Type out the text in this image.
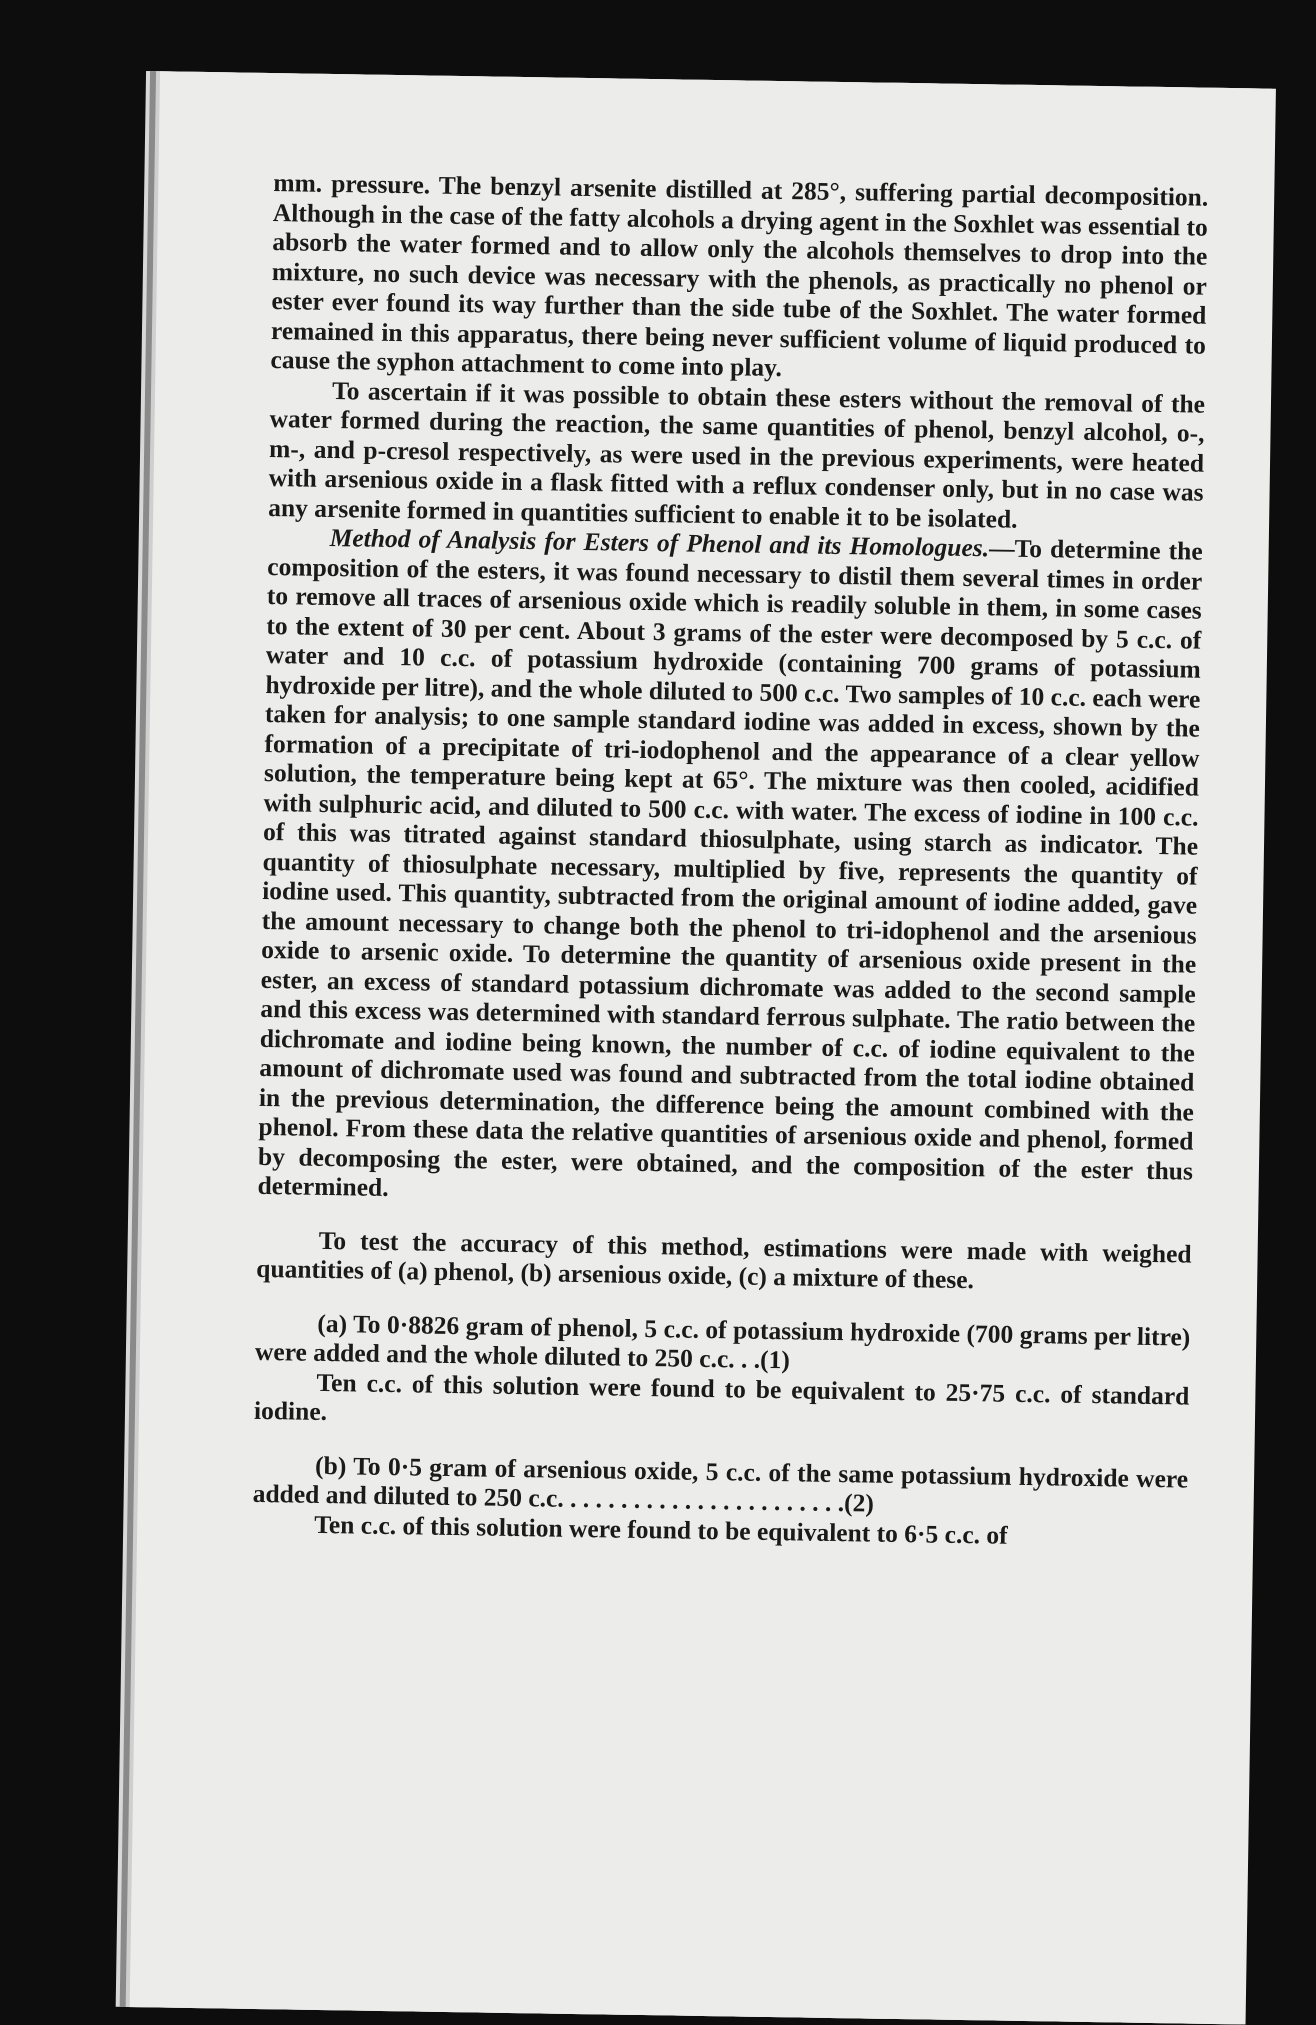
mm. pressure. The benzyl arsenite distilled at 285°, suffering partial decomposition. Although in the case of the fatty alcohols a drying agent in the Soxhlet was essential to absorb the water formed and to allow only the alcohols themselves to drop into the mixture, no such device was necessary with the phenols, as practically no phenol or ester ever found its way further than the side tube of the Soxhlet. The water formed remained in this apparatus, there being never sufficient volume of liquid produced to cause the syphon attachment to come into play.

To ascertain if it was possible to obtain these esters without the removal of the water formed during the reaction, the same quantities of phenol, benzyl alcohol, o-, m-, and p-cresol respectively, as were used in the previous experiments, were heated with arsenious oxide in a flask fitted with a reflux condenser only, but in no case was any arsenite formed in quantities sufficient to enable it to be isolated.

Method of Analysis for Esters of Phenol and its Homologues.—To determine the composition of the esters, it was found necessary to distil them several times in order to remove all traces of arsenious oxide which is readily soluble in them, in some cases to the extent of 30 per cent. About 3 grams of the ester were decomposed by 5 c.c. of water and 10 c.c. of potassium hydroxide (containing 700 grams of potassium hydroxide per litre), and the whole diluted to 500 c.c. Two samples of 10 c.c. each were taken for analysis; to one sample standard iodine was added in excess, shown by the formation of a precipitate of tri-iodophenol and the appearance of a clear yellow solution, the temperature being kept at 65°. The mixture was then cooled, acidified with sulphuric acid, and diluted to 500 c.c. with water. The excess of iodine in 100 c.c. of this was titrated against standard thiosulphate, using starch as indicator. The quantity of thiosulphate necessary, multiplied by five, represents the quantity of iodine used. This quantity, subtracted from the original amount of iodine added, gave the amount necessary to change both the phenol to tri-idophenol and the arsenious oxide to arsenic oxide. To determine the quantity of arsenious oxide present in the ester, an excess of standard potassium dichromate was added to the second sample and this excess was determined with standard ferrous sulphate. The ratio between the dichromate and iodine being known, the number of c.c. of iodine equivalent to the amount of dichromate used was found and subtracted from the total iodine obtained in the previous determination, the difference being the amount combined with the phenol. From these data the relative quantities of arsenious oxide and phenol, formed by decomposing the ester, were obtained, and the composition of the ester thus determined.

To test the accuracy of this method, estimations were made with weighed quantities of (a) phenol, (b) arsenious oxide, (c) a mixture of these.

(a) To 0·8826 gram of phenol, 5 c.c. of potassium hydroxide (700 grams per litre) were added and the whole diluted to 250 c.c. . .(1)

Ten c.c. of this solution were found to be equivalent to 25·75 c.c. of standard iodine.

(b) To 0·5 gram of arsenious oxide, 5 c.c. of the same potassium hydroxide were added and diluted to 250 c.c. . . . . . . . . . . . . . . . . . . . . . .(2)

Ten c.c. of this solution were found to be equivalent to 6·5 c.c. of
